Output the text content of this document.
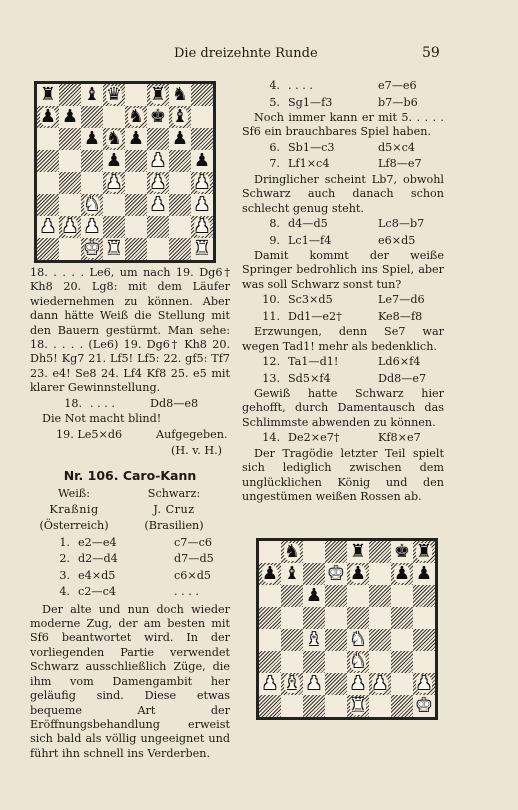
Die dreizehnte Runde	59
♜ ♝ ♛ ♜ ♞
♟ ♟	♞ ♚ ♝
♟ ♞ ♟ ♟
♟ ♟ ♟
♟ ♟ ♟
♞	♟ ♟
♟ ♟ ♟	♟
♚ ♜	♜

18. . . . . Le6, um nach 19. Dg6† Kh8 20. Lg8: mit dem Läufer wiedernehmen zu können. Aber dann hätte Weiß die Stellung mit den Bauern gestürmt. Man sehe: 18. . . . . (Le6) 19. Dg6† Kh8 20. Dh5! Kg7 21. Lf5! Lf5: 22. gf5: Tf7 23. e4! Se8 24. Lf4 Kf8 25. e5 mit klarer Gewinnstellung.

18. . . . .	Dd8—e8

Die Not macht blind!

19. Le5×d6	Aufgegeben.
(H. v. H.)
Nr. 106. Caro-Kann
Weiß:	Schwarz:
Kraßnig	J. Cruz
(Österreich)	(Brasilien)
1. e2—e4	c7—c6
2. d2—d4	d7—d5
3. e4×d5	c6×d5
4. c2—c4	. . . .

Der alte und nun doch wieder moderne Zug, der am besten mit Sf6 beantwortet wird. In der vorliegenden Partie verwendet Schwarz ausschließlich Züge, die ihm vom Damengambit her geläufig sind. Diese etwas bequeme Art der Eröffnungsbehandlung erweist sich bald als völlig ungeeignet und führt ihn schnell ins Verderben.

4. . . . .	e7—e6
5. Sg1—f3	b7—b6

Noch immer kann er mit 5. . . . . Sf6 ein brauchbares Spiel haben.

6. Sb1—c3	d5×c4
7. Lf1×c4	Lf8—e7

Dringlicher scheint Lb7, obwohl Schwarz auch danach schon schlecht genug steht.

8. d4—d5	Lc8—b7
9. Lc1—f4	e6×d5

Damit kommt der weiße Springer bedrohlich ins Spiel, aber was soll Schwarz sonst tun?

10. Sc3×d5	Le7—d6
11. Dd1—e2†	Ke8—f8

Erzwungen, denn Se7 war wegen Tad1! mehr als bedenklich.

12. Ta1—d1!	Ld6×f4
13. Sd5×f4	Dd8—e7

Gewiß hatte Schwarz hier gehofft, durch Damentausch das Schlimmste abwenden zu können.

14. De2×e7†	Kf8×e7

Der Tragödie letzter Teil spielt sich lediglich zwischen dem unglücklichen König und den ungestümen weißen Rossen ab.

♞	♜ ♚ ♜
♟ ♝ ♚ ♟ ♟ ♟
♟
♝ ♞
♞
♟ ♝ ♟ ♟ ♟ ♟
♜	♚
